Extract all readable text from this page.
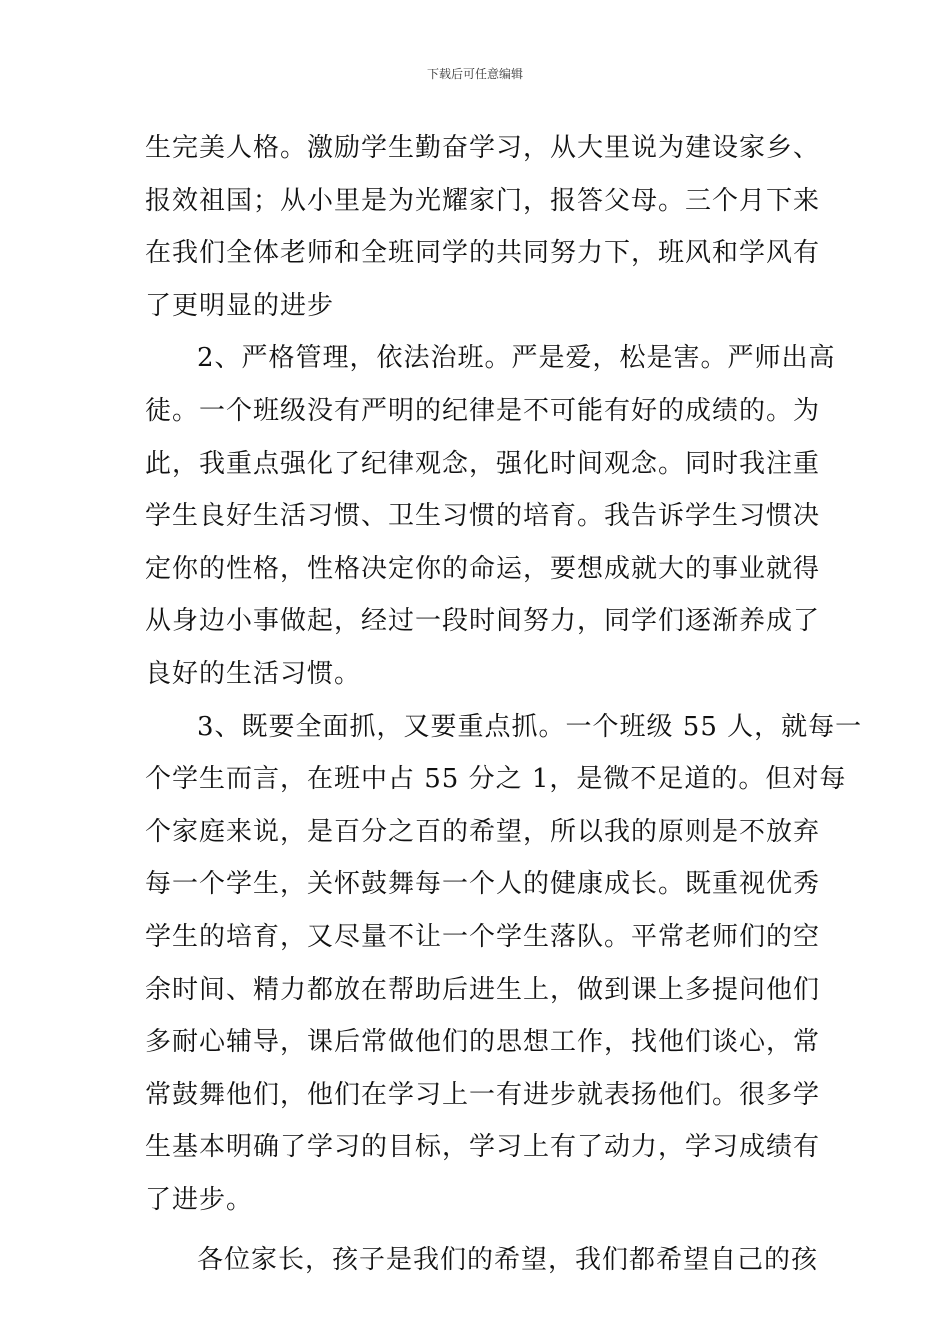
下载后可任意编辑
生完美人格。激励学生勤奋学习，从大里说为建设家乡、
报效祖国；从小里是为光耀家门，报答父母。三个月下来
在我们全体老师和全班同学的共同努力下，班风和学风有
了更明显的进步
2、严格管理，依法治班。严是爱，松是害。严师出高
徒。一个班级没有严明的纪律是不可能有好的成绩的。为
此，我重点强化了纪律观念，强化时间观念。同时我注重
学生良好生活习惯、卫生习惯的培育。我告诉学生习惯决
定你的性格，性格决定你的命运，要想成就大的事业就得
从身边小事做起，经过一段时间努力，同学们逐渐养成了
良好的生活习惯。
3、既要全面抓，又要重点抓。一个班级 55 人，就每一
个学生而言，在班中占 55 分之 1，是微不足道的。但对每
个家庭来说，是百分之百的希望，所以我的原则是不放弃
每一个学生，关怀鼓舞每一个人的健康成长。既重视优秀
学生的培育，又尽量不让一个学生落队。平常老师们的空
余时间、精力都放在帮助后进生上，做到课上多提问他们
多耐心辅导，课后常做他们的思想工作，找他们谈心，常
常鼓舞他们，他们在学习上一有进步就表扬他们。很多学
生基本明确了学习的目标，学习上有了动力，学习成绩有
了进步。
各位家长，孩子是我们的希望，我们都希望自己的孩
